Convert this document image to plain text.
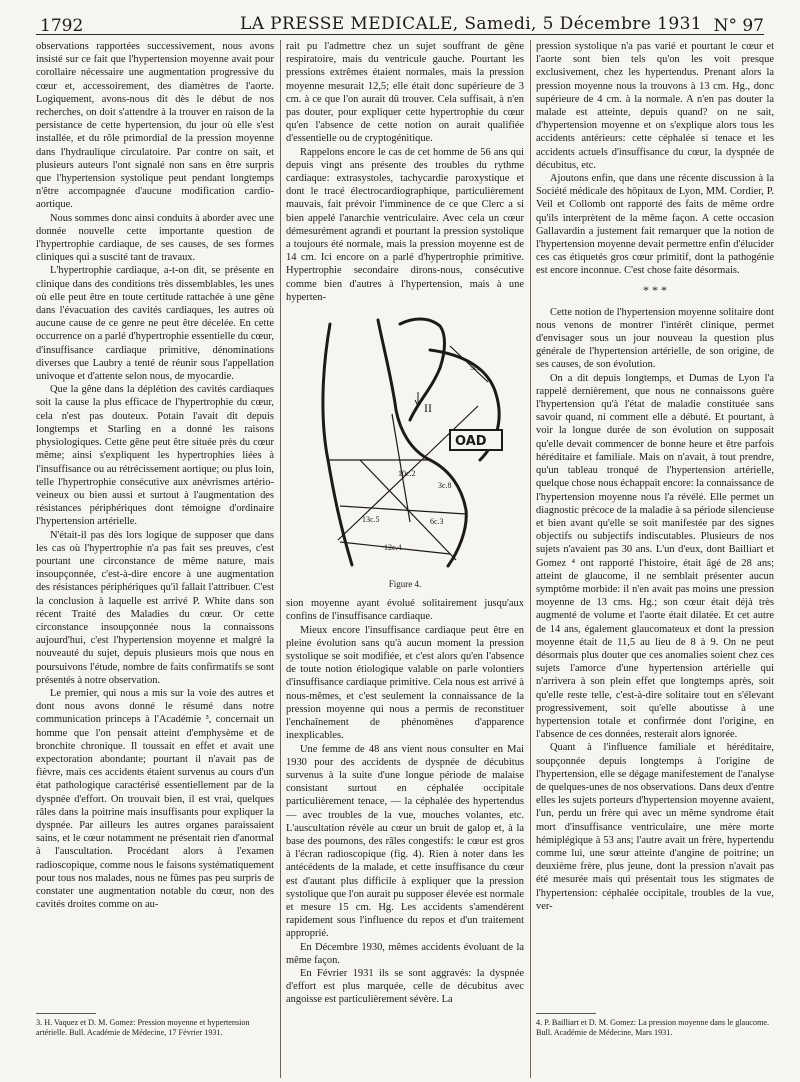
1792	LA PRESSE MEDICALE, Samedi, 5 Décembre 1931 N° 97

observations rapportées successivement, nous avons insisté sur ce fait que l'hypertension moyenne avait pour corollaire nécessaire une augmentation progressive du cœur et, accessoirement, des diamètres de l'aorte. Logiquement, avons-nous dit dès le début de nos recherches, on doit s'attendre à la trouver en raison de la persistance de cette hypertension, du jour où elle s'est installée, et du rôle primordial de la pression moyenne dans l'hydraulique circulatoire. Par contre on sait, et plusieurs auteurs l'ont signalé non sans en être surpris que l'hypertension systolique peut pendant longtemps n'être accompagnée d'aucune modification cardio-aortique.

Nous sommes donc ainsi conduits à aborder avec une donnée nouvelle cette importante question de l'hypertrophie cardiaque, de ses causes, de ses formes cliniques qui a suscité tant de travaux.

L'hypertrophie cardiaque, a-t-on dit, se présente en clinique dans des conditions très dissemblables, les unes où elle peut être en toute certitude rattachée à une gêne dans l'évacuation des cavités cardiaques, les autres où aucune cause de ce genre ne peut être décelée. En cette occurrence on a parlé d'hypertrophie essentielle du cœur, d'insuffisance cardiaque primitive, dénominations diverses que Laubry a tenté de réunir sous l'appellation univoque et d'attente selon nous, de myocardie.

Que la gêne dans la déplétion des cavités cardiaques soit la cause la plus efficace de l'hypertrophie du cœur, cela n'est pas douteux. Potain l'avait dit depuis longtemps et Starling en a donné les raisons physiologiques. Cette gêne peut être située près du cœur même; ainsi s'expliquent les hypertrophies liées à l'insuffisance ou au rétrécissement aortique; ou plus loin, telle l'hypertrophie consécutive aux anévrismes artério-veineux ou bien aussi et surtout à l'augmentation des résistances périphériques dont témoigne d'ordinaire l'hypertension artérielle.

N'était-il pas dès lors logique de supposer que dans les cas où l'hypertrophie n'a pas fait ses preuves, c'est pourtant une circonstance de même nature, mais insoupçonnée, c'est-à-dire encore à une augmentation des résistances périphériques qu'il fallait l'attribuer. C'est la conclusion à laquelle est arrivé P. White dans son récent Traité des Maladies du cœur. Or cette circonstance insoupçonnée nous la connaissons aujourd'hui, c'est l'hypertension moyenne et malgré la nouveauté du sujet, depuis plusieurs mois que nous en poursuivons l'étude, nombre de faits confirmatifs se sont présentés à notre observation.

Le premier, qui nous a mis sur la voie des autres et dont nous avons donné le résumé dans notre communication princeps à l'Académie ³, concernait un homme que l'on pensait atteint d'emphysème et de bronchite chronique. Il toussait en effet et avait une expectoration abondante; pourtant il n'avait pas de fièvre, mais ces accidents étaient survenus au cours d'un état pathologique caractérisé essentiellement par de la dyspnée d'effort. On trouvait bien, il est vrai, quelques râles dans la poitrine mais insuffisants pour expliquer la dyspnée. Par ailleurs les autres organes paraissaient sains, et le cœur notamment ne présentait rien d'anormal à l'auscultation. Procédant alors à l'examen radioscopique, comme nous le faisons systématiquement pour tous nos malades, nous ne fûmes pas peu surpris de constater une augmentation notable du cœur, non des cavités droites comme on au-

rait pu l'admettre chez un sujet souffrant de gêne respiratoire, mais du ventricule gauche. Pourtant les pressions extrêmes étaient normales, mais la pression moyenne mesurait 12,5; elle était donc supérieure de 3 cm. à ce que l'on aurait dû trouver. Cela suffisait, à n'en pas douter, pour expliquer cette hypertrophie du cœur qu'en l'absence de cette notion on aurait qualifiée d'essentielle ou de cryptogénitique.

Rappelons encore le cas de cet homme de 56 ans qui depuis vingt ans présente des troubles du rythme cardiaque: extrasystoles, tachycardie paroxystique et dont le tracé électrocardiographique, particulièrement mauvais, fait prévoir l'imminence de ce que Clerc a si bien appelé l'anarchie ventriculaire. Avec cela un cœur démesurément agrandi et pourtant la pression systolique a toujours été normale, mais la pression moyenne est de 14 cm. Ici encore on a parlé d'hypertrophie primitive. Hypertrophie secondaire dirons-nous, consécutive comme bien d'autres à l'hypertension, mais à une hyperten-

OAD
II
3c.
10c.2
3c.8
13c.5
12c.4
6c.3
Figure 4.

sion moyenne ayant évolué solitairement jusqu'aux confins de l'insuffisance cardiaque.

Mieux encore l'insuffisance cardiaque peut être en pleine évolution sans qu'à aucun moment la pression systolique se soit modifiée, et c'est alors qu'en l'absence de toute notion étiologique valable on parle volontiers d'insuffisance cardiaque primitive. Cela nous est arrivé à nous-mêmes, et c'est seulement la connaissance de la pression moyenne qui nous a permis de reconstituer l'enchaînement de phénomènes d'apparence inexplicables.

Une femme de 48 ans vient nous consulter en Mai 1930 pour des accidents de dyspnée de décubitus survenus à la suite d'une longue période de malaise consistant surtout en céphalée occipitale particulièrement tenace, — la céphalée des hypertendus — avec troubles de la vue, mouches volantes, etc. L'auscultation révèle au cœur un bruit de galop et, à la base des poumons, des râles congestifs: le cœur est gros à l'écran radioscopique (fig. 4). Rien à noter dans les antécédents de la malade, et cette insuffisance du cœur est d'autant plus difficile à expliquer que la pression systolique que l'on aurait pu supposer élevée est normale et mesure 15 cm. Hg. Les accidents s'amendèrent rapidement sous l'influence du repos et d'un traitement approprié.

En Décembre 1930, mêmes accidents évoluant de la même façon.

En Février 1931 ils se sont aggravés: la dyspnée d'effort est plus marquée, celle de décubitus avec angoisse est particulièrement sévère. La

pression systolique n'a pas varié et pourtant le cœur et l'aorte sont bien tels qu'on les voit presque exclusivement, chez les hypertendus. Prenant alors la pression moyenne nous la trouvons à 13 cm. Hg., donc supérieure de 4 cm. à la normale. A n'en pas douter la malade est atteinte, depuis quand? on ne sait, d'hypertension moyenne et on s'explique alors tous les accidents antérieurs: cette céphalée si tenace et les accidents actuels d'insuffisance du cœur, la dyspnée de décubitus, etc.

Ajoutons enfin, que dans une récente discussion à la Société médicale des hôpitaux de Lyon, MM. Cordier, P. Veil et Collomb ont rapporté des faits de même ordre qu'ils interprètent de la même façon. A cette occasion Gallavardin a justement fait remarquer que la notion de l'hypertension moyenne devait permettre enfin d'élucider ces cas étiquetés gros cœur primitif, dont la pathogénie est encore inconnue. C'est chose faite désormais.

* * *

Cette notion de l'hypertension moyenne solitaire dont nous venons de montrer l'intérêt clinique, permet d'envisager sous un jour nouveau la question plus générale de l'hypertension artérielle, de son origine, de ses causes, de son évolution.

On a dit depuis longtemps, et Dumas de Lyon l'a rappelé dernièrement, que nous ne connaissons guère l'hypertension qu'à l'état de maladie constituée sans savoir quand, ni comment elle a débuté. Et pourtant, à voir la longue durée de son évolution on supposait qu'elle devait commencer de bonne heure et être parfois héréditaire et familiale. Mais on n'avait, à tout prendre, qu'un tableau tronqué de l'hypertension artérielle, quelque chose nous échappait encore: la connaissance de l'hypertension moyenne nous l'a révélé. Elle permet un diagnostic précoce de la maladie à sa période silencieuse et bien avant qu'elle se soit manifestée par des signes objectifs ou subjectifs indiscutables. Plusieurs de nos sujets n'avaient pas 30 ans. L'un d'eux, dont Bailliart et Gomez ⁴ ont rapporté l'histoire, était âgé de 28 ans; atteint de glaucome, il ne semblait présenter aucun symptôme morbide: il n'en avait pas moins une pression moyenne de 13 cms. Hg.; son cœur était déjà très augmenté de volume et l'aorte était dilatée. Et cet autre de 14 ans, également glaucomateux et dont la pression moyenne était de 11,5 au lieu de 8 à 9. On ne peut désormais plus douter que ces anomalies soient chez ces sujets l'amorce d'une hypertension artérielle qui n'arrivera à son plein effet que longtemps après, soit qu'elle reste telle, c'est-à-dire solitaire tout en s'élevant progressivement, soit qu'elle aboutisse à une hypertension totale et confirmée dont l'origine, en l'absence de ces données, resterait alors ignorée.

Quant à l'influence familiale et héréditaire, soupçonnée depuis longtemps à l'origine de l'hypertension, elle se dégage manifestement de l'analyse de quelques-unes de nos observations. Dans deux d'entre elles les sujets porteurs d'hypertension moyenne avaient, l'un, perdu un frère qui avec un même syndrome était mort d'insuffisance ventriculaire, une mère morte hémiplégique à 53 ans; l'autre avait un frère, hypertendu comme lui, une sœur atteinte d'angine de poitrine; un deuxième frère, plus jeune, dont la pression n'avait pas été mesurée mais qui présentait tous les stigmates de l'hypertension: céphalée occipitale, troubles de la vue, ver-

3. H. Vaquez et D. M. Gomez: Pression moyenne et hypertension artérielle. Bull. Académie de Médecine, 17 Février 1931.
4. P. Bailliart et D. M. Gomez: La pression moyenne dans le glaucome. Bull. Académie de Médecine, Mars 1931.
